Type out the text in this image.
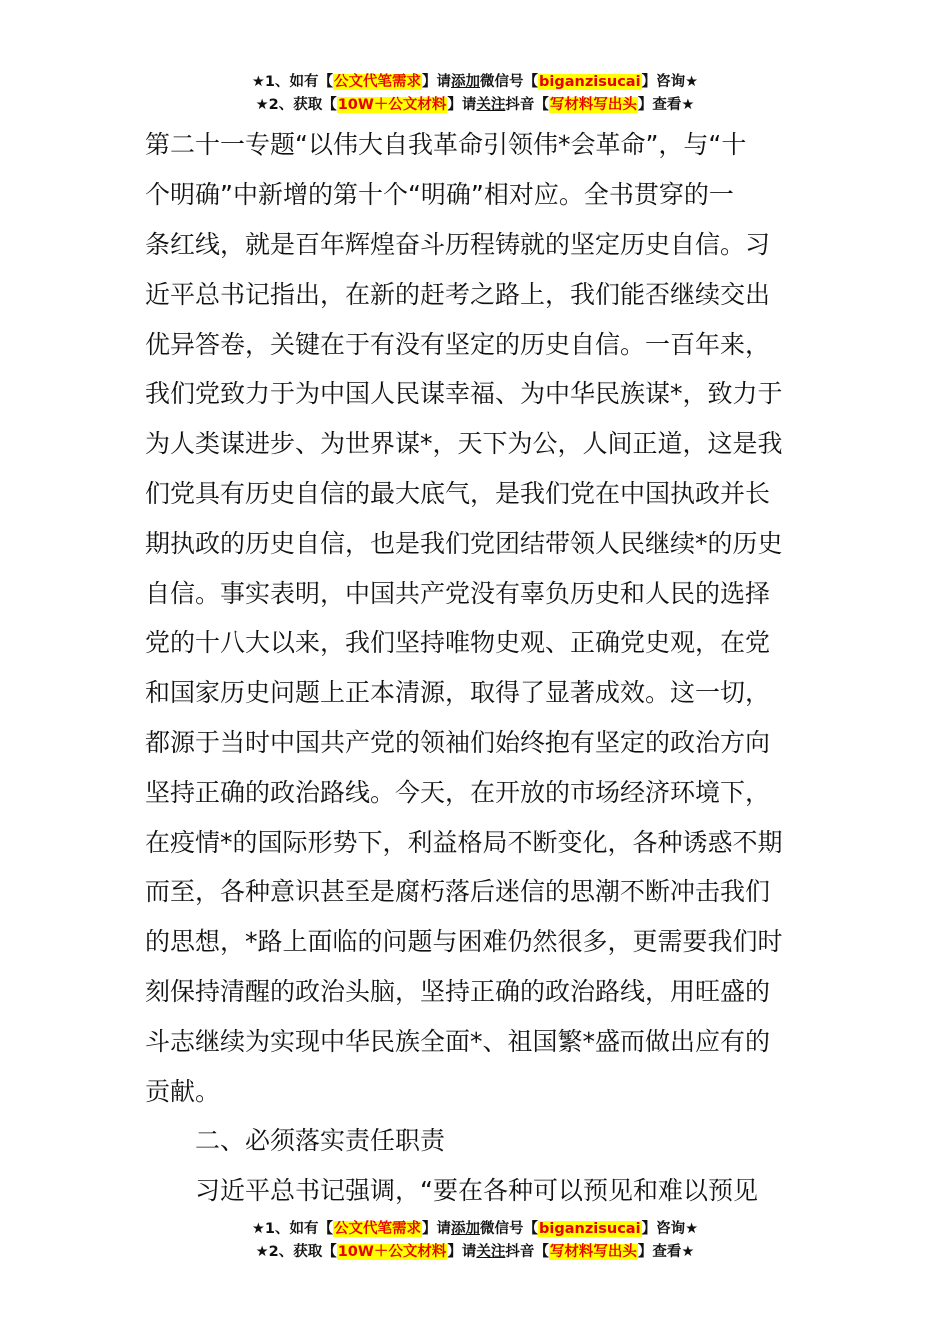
★1、如有【公文代笔需求】请添加微信号【biganzisucai】咨询★
★2、获取【10W＋公文材料】请关注抖音【写材料写出头】查看★
第二十一专题“以伟大自我革命引领伟*会革命”，与“十
个明确”中新增的第十个“明确”相对应。全书贯穿的一
条红线，就是百年辉煌奋斗历程铸就的坚定历史自信。习
近平总书记指出，在新的赶考之路上，我们能否继续交出
优异答卷，关键在于有没有坚定的历史自信。一百年来，
我们党致力于为中国人民谋幸福、为中华民族谋*，致力于
为人类谋进步、为世界谋*，天下为公，人间正道，这是我
们党具有历史自信的最大底气，是我们党在中国执政并长
期执政的历史自信，也是我们党团结带领人民继续*的历史
自信。事实表明，中国共产党没有辜负历史和人民的选择
党的十八大以来，我们坚持唯物史观、正确党史观，在党
和国家历史问题上正本清源，取得了显著成效。这一切，
都源于当时中国共产党的领袖们始终抱有坚定的政治方向
坚持正确的政治路线。今天，在开放的市场经济环境下，
在疫情*的国际形势下，利益格局不断变化，各种诱惑不期
而至，各种意识甚至是腐朽落后迷信的思潮不断冲击我们
的思想，*路上面临的问题与困难仍然很多，更需要我们时
刻保持清醒的政治头脑，坚持正确的政治路线，用旺盛的
斗志继续为实现中华民族全面*、祖国繁*盛而做出应有的
贡献。
二、必须落实责任职责
习近平总书记强调，“要在各种可以预见和难以预见
★1、如有【公文代笔需求】请添加微信号【biganzisucai】咨询★
★2、获取【10W＋公文材料】请关注抖音【写材料写出头】查看★
